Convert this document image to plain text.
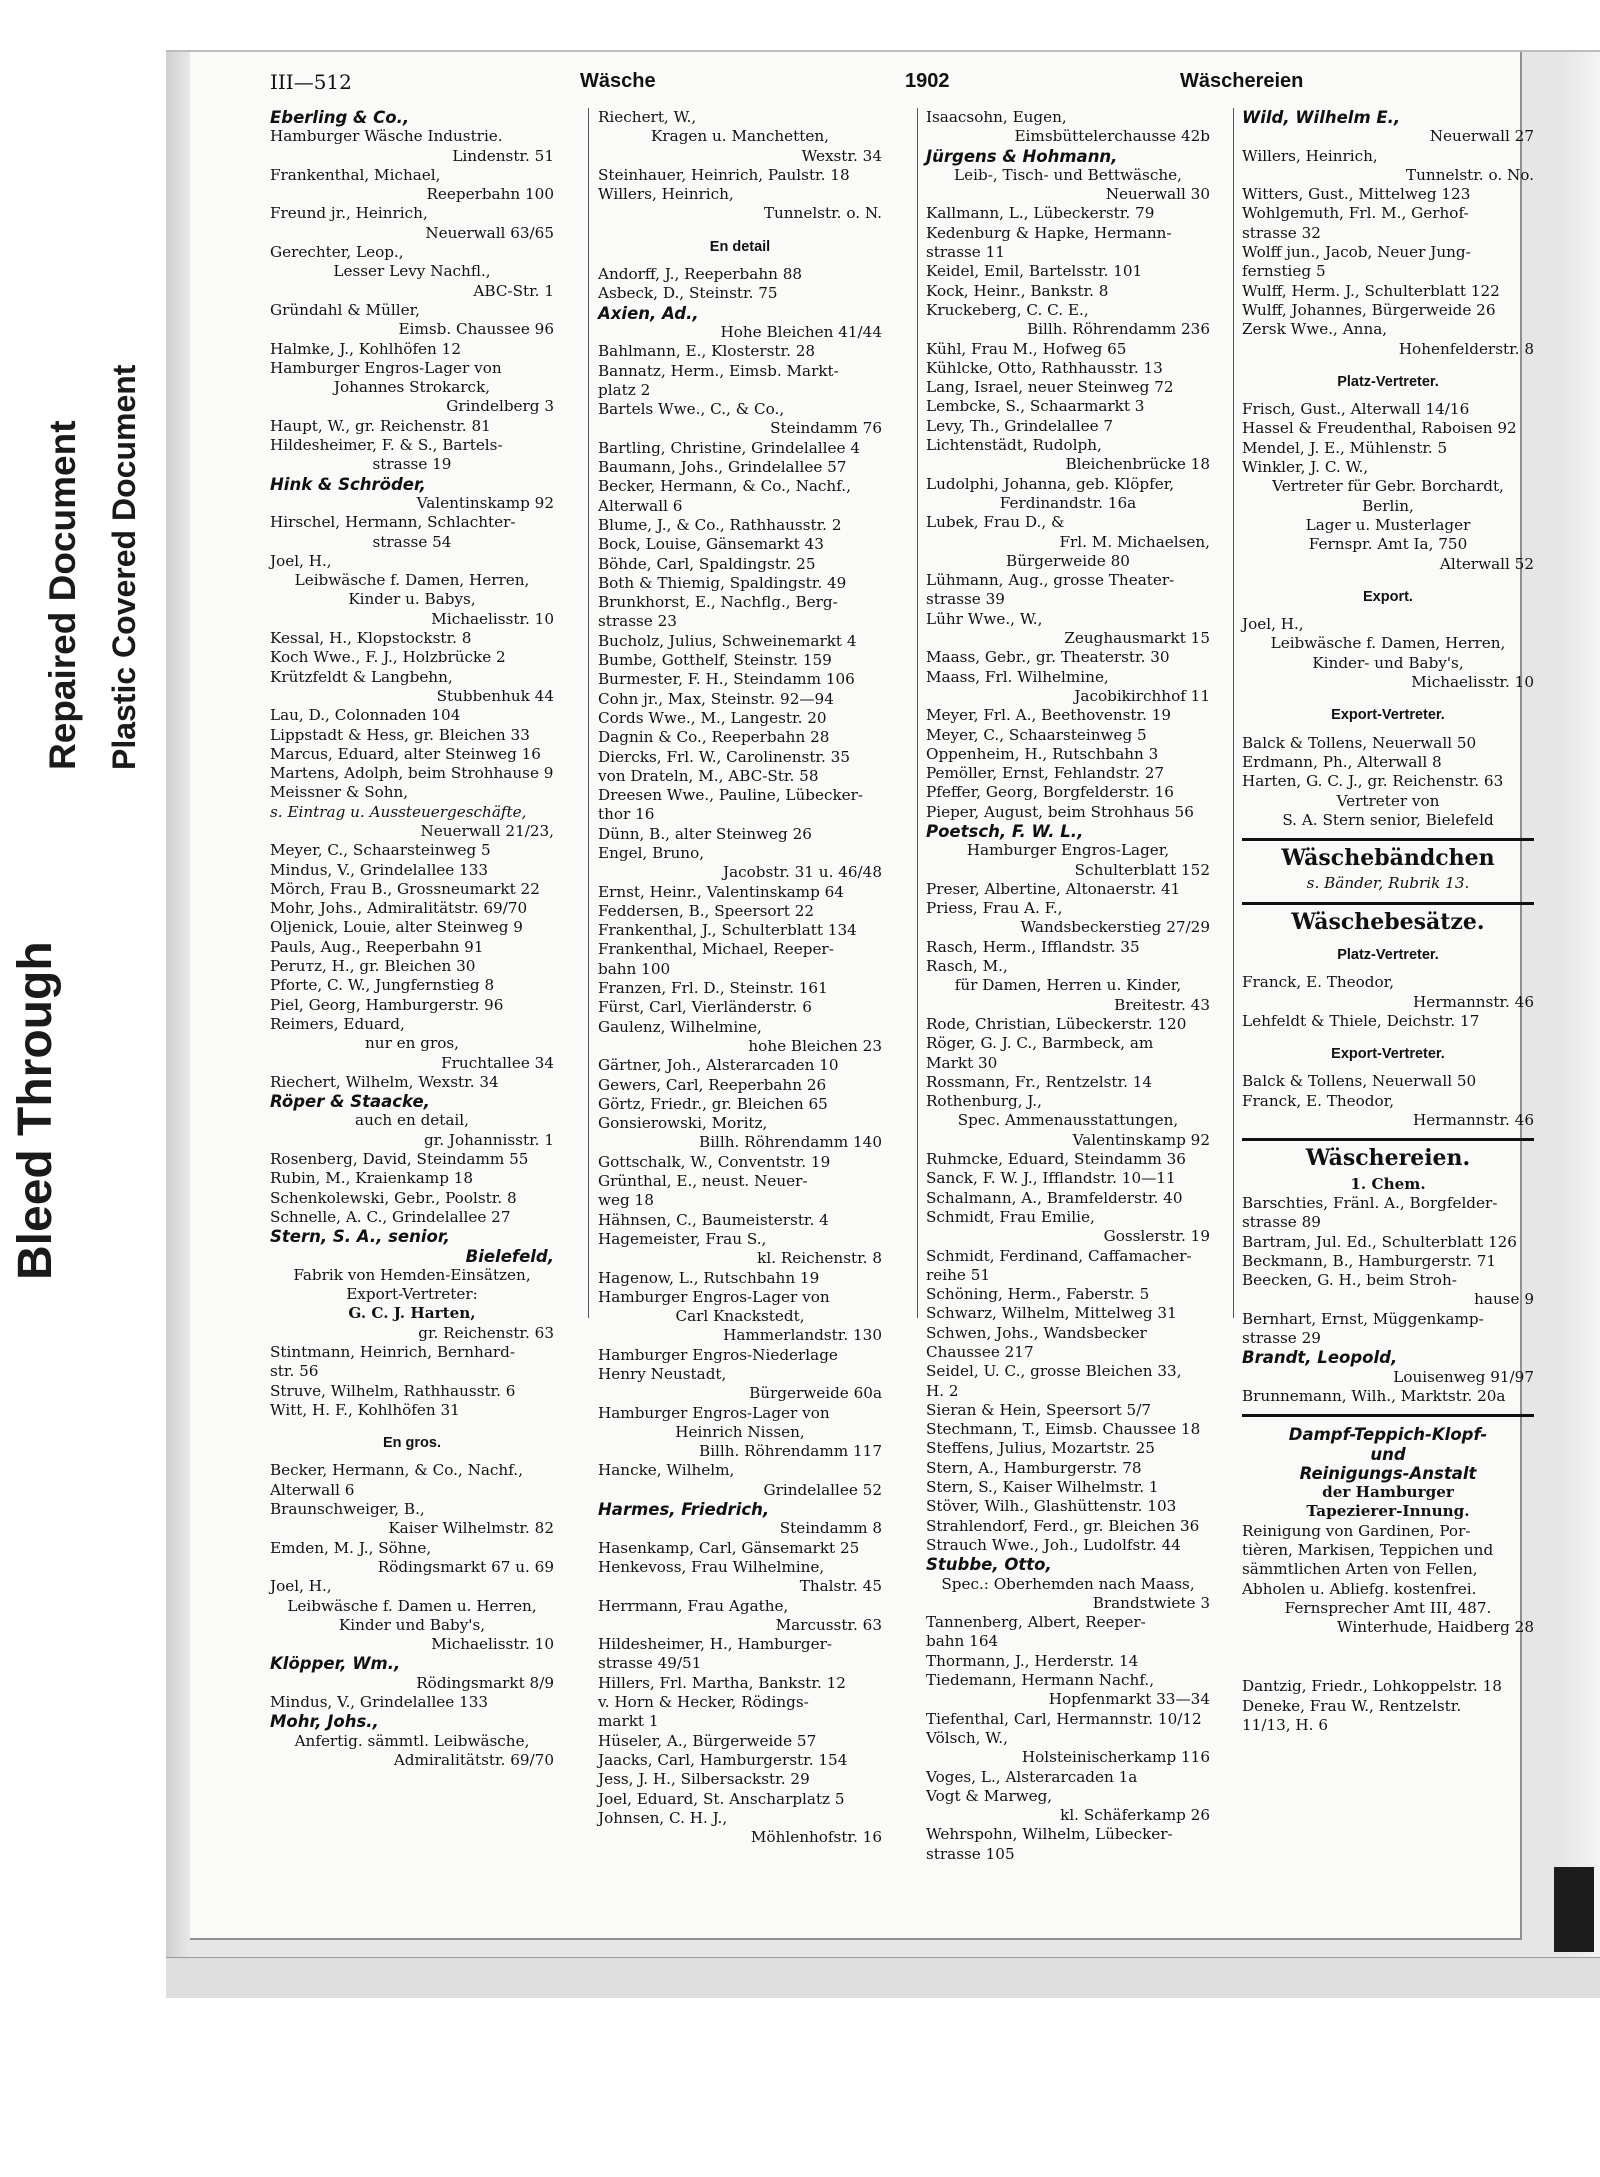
Bleed Through
Repaired Document Plastic Covered Document
III—512	Wäsche	1902	Wäschereien
Eberling & Co.,
Hamburger Wäsche Industrie.
Lindenstr. 51
Frankenthal, Michael,
Reeperbahn 100
Freund jr., Heinrich,
Neuerwall 63/65
Gerechter, Leop.,
Lesser Levy Nachfl.,
ABC-Str. 1
Gründahl & Müller,
Eimsb. Chaussee 96
Halmke, J., Kohlhöfen 12
Hamburger Engros-Lager von
Johannes Strokarck,
Grindelberg 3
Haupt, W., gr. Reichenstr. 81
Hildesheimer, F. & S., Bartels-
strasse 19
Hink & Schröder,
Valentinskamp 92
Hirschel, Hermann, Schlachter-
strasse 54
Joel, H.,
Leibwäsche f. Damen, Herren,
Kinder u. Babys,
Michaelisstr. 10
Kessal, H., Klopstockstr. 8
Koch Wwe., F. J., Holzbrücke 2
Krützfeldt & Langbehn,
Stubbenhuk 44
Lau, D., Colonnaden 104
Lippstadt & Hess, gr. Bleichen 33
Marcus, Eduard, alter Steinweg 16
Martens, Adolph, beim Strohhause 9
Meissner & Sohn,
s. Eintrag u. Aussteuergeschäfte,
Neuerwall 21/23,
Meyer, C., Schaarsteinweg 5
Mindus, V., Grindelallee 133
Mörch, Frau B., Grossneumarkt 22
Mohr, Johs., Admiralitätstr. 69/70
Oljenick, Louie, alter Steinweg 9
Pauls, Aug., Reeperbahn 91
Peruтz, H., gr. Bleichen 30
Pforte, C. W., Jungfernstieg 8
Piel, Georg, Hamburgerstr. 96
Reimers, Eduard,
nur en gros,
Fruchtallee 34
Riechert, Wilhelm, Wexstr. 34
Röper & Staacke,
auch en detail,
gr. Johannisstr. 1
Rosenberg, David, Steindamm 55
Rubin, M., Kraienkamp 18
Schenkolewski, Gebr., Poolstr. 8
Schnelle, A. C., Grindelallee 27
Stern, S. A., senior,
Bielefeld,
Fabrik von Hemden-Einsätzen,
Export-Vertreter:
G. C. J. Harten,
gr. Reichenstr. 63
Stintmann, Heinrich, Bernhard-
str. 56
Struve, Wilhelm, Rathhausstr. 6
Witt, H. F., Kohlhöfen 31
En gros.
Becker, Hermann, & Co., Nachf.,
Alterwall 6
Braunschweiger, B.,
Kaiser Wilhelmstr. 82
Emden, M. J., Söhne,
Rödingsmarkt 67 u. 69
Joel, H.,
Leibwäsche f. Damen u. Herren,
Kinder und Baby's,
Michaelisstr. 10
Klöpper, Wm.,
Rödingsmarkt 8/9
Mindus, V., Grindelallee 133
Mohr, Johs.,
Anfertig. sämmtl. Leibwäsche,
Admiralitätstr. 69/70
Riechert, W.,
Kragen u. Manchetten,
Wexstr. 34
Steinhauer, Heinrich, Paulstr. 18
Willers, Heinrich,
Tunnelstr. o. N.
En detail
Andorff, J., Reeperbahn 88
Asbeck, D., Steinstr. 75
Axien, Ad.,
Hohe Bleichen 41/44
Bahlmann, E., Klosterstr. 28
Bannatz, Herm., Eimsb. Markt-
platz 2
Bartels Wwe., C., & Co.,
Steindamm 76
Bartling, Christine, Grindelallee 4
Baumann, Johs., Grindelallee 57
Becker, Hermann, & Co., Nachf.,
Alterwall 6
Blume, J., & Co., Rathhausstr. 2
Bock, Louise, Gänsemarkt 43
Böhde, Carl, Spaldingstr. 25
Both & Thiemig, Spaldingstr. 49
Brunkhorst, E., Nachflg., Berg-
strasse 23
Bucholz, Julius, Schweinemarkt 4
Bumbe, Gotthelf, Steinstr. 159
Burmester, F. H., Steindamm 106
Cohn jr., Max, Steinstr. 92—94
Cords Wwe., M., Langestr. 20
Dagnin & Co., Reeperbahn 28
Diercks, Frl. W., Carolinenstr. 35
von Drateln, M., ABC-Str. 58
Dreesen Wwe., Pauline, Lübecker-
thor 16
Dünn, B., alter Steinweg 26
Engel, Bruno,
Jacobstr. 31 u. 46/48
Ernst, Heinr., Valentinskamp 64
Feddersen, B., Speersort 22
Frankenthal, J., Schulterblatt 134
Frankenthal, Michael, Reeper-
bahn 100
Franzen, Frl. D., Steinstr. 161
Fürst, Carl, Vierländerstr. 6
Gaulenz, Wilhelmine,
hohe Bleichen 23
Gärtner, Joh., Alsterarcaden 10
Gewers, Carl, Reeperbahn 26
Görtz, Friedr., gr. Bleichen 65
Gonsierowski, Moritz,
Billh. Röhrendamm 140
Gottschalk, W., Conventstr. 19
Grünthal, E., neust. Neuer-
weg 18
Hähnsen, C., Baumeisterstr. 4
Hagemeister, Frau S.,
kl. Reichenstr. 8
Hagenow, L., Rutschbahn 19
Hamburger Engros-Lager von
Carl Knackstedt,
Hammerlandstr. 130
Hamburger Engros-Niederlage
Henry Neustadt,
Bürgerweide 60a
Hamburger Engros-Lager von
Heinrich Nissen,
Billh. Röhrendamm 117
Hancke, Wilhelm,
Grindelallee 52
Harmes, Friedrich,
Steindamm 8
Hasenkamp, Carl, Gänsemarkt 25
Henkevoss, Frau Wilhelmine,
Thalstr. 45
Herrmann, Frau Agathe,
Marcusstr. 63
Hildesheimer, H., Hamburger-
strasse 49/51
Hillers, Frl. Martha, Bankstr. 12
v. Horn & Hecker, Rödings-
markt 1
Hüseler, A., Bürgerweide 57
Jaacks, Carl, Hamburgerstr. 154
Jess, J. H., Silbersackstr. 29
Joel, Eduard, St. Anscharplatz 5
Johnsen, C. H. J.,
Möhlenhofstr. 16
Isaacsohn, Eugen,
Eimsbüttelerchausse 42b
Jürgens & Hohmann,
Leib-, Tisch- und Bettwäsche,
Neuerwall 30
Kallmann, L., Lübeckerstr. 79
Kedenburg & Hapke, Hermann-
strasse 11
Keidel, Emil, Bartelsstr. 101
Kock, Heinr., Bankstr. 8
Kruckeberg, C. C. E.,
Billh. Röhrendamm 236
Kühl, Frau M., Hofweg 65
Kühlcke, Otto, Rathhausstr. 13
Lang, Israel, neuer Steinweg 72
Lembcke, S., Schaarmarkt 3
Levy, Th., Grindelallee 7
Lichtenstädt, Rudolph,
Bleichenbrücke 18
Ludolphi, Johanna, geb. Klöpfer,
Ferdinandstr. 16a
Lubek, Frau D., &
Frl. M. Michaelsen,
Bürgerweide 80
Lühmann, Aug., grosse Theater-
strasse 39
Lühr Wwe., W.,
Zeughausmarkt 15
Maass, Gebr., gr. Theaterstr. 30
Maass, Frl. Wilhelmine,
Jacobikirchhof 11
Meyer, Frl. A., Beethovenstr. 19
Meyer, C., Schaarsteinweg 5
Oppenheim, H., Rutschbahn 3
Pemöller, Ernst, Fehlandstr. 27
Pfeffer, Georg, Borgfelderstr. 16
Pieper, August, beim Strohhaus 56
Poetsch, F. W. L.,
Hamburger Engros-Lager,
Schulterblatt 152
Preser, Albertine, Altonaerstr. 41
Priess, Frau A. F.,
Wandsbeckerstieg 27/29
Rasch, Herm., Ifflandstr. 35
Rasch, M.,
für Damen, Herren u. Kinder,
Breitestr. 43
Rode, Christian, Lübeckerstr. 120
Röger, G. J. C., Barmbeck, am
Markt 30
Rossmann, Fr., Rentzelstr. 14
Rothenburg, J.,
Spec. Ammenausstattungen,
Valentinskamp 92
Ruhmcke, Eduard, Steindamm 36
Sanck, F. W. J., Ifflandstr. 10—11
Schalmann, A., Bramfelderstr. 40
Schmidt, Frau Emilie,
Gosslerstr. 19
Schmidt, Ferdinand, Caffamacher-
reihe 51
Schöning, Herm., Faberstr. 5
Schwarz, Wilhelm, Mittelweg 31
Schwen, Johs., Wandsbecker
Chaussee 217
Seidel, U. C., grosse Bleichen 33,
H. 2
Sieran & Hein, Speersort 5/7
Stechmann, T., Eimsb. Chaussee 18
Steffens, Julius, Mozartstr. 25
Stern, A., Hamburgerstr. 78
Stern, S., Kaiser Wilhelmstr. 1
Stöver, Wilh., Glashüttenstr. 103
Strahlendorf, Ferd., gr. Bleichen 36
Strauch Wwe., Joh., Ludolfstr. 44
Stubbe, Otto,
Spec.: Oberhemden nach Maass,
Brandstwiete 3
Tannenberg, Albert, Reeper-
bahn 164
Thormann, J., Herderstr. 14
Tiedemann, Hermann Nachf.,
Hopfenmarkt 33—34
Tiefenthal, Carl, Hermannstr. 10/12
Völsch, W.,
Holsteinischerkamp 116
Voges, L., Alsterarcaden 1a
Vogt & Marweg,
kl. Schäferkamp 26
Wehrspohn, Wilhelm, Lübecker-
strasse 105
Wild, Wilhelm E.,
Neuerwall 27
Willers, Heinrich,
Tunnelstr. o. No.
Witters, Gust., Mittelweg 123
Wohlgemuth, Frl. M., Gerhof-
strasse 32
Wolff jun., Jacob, Neuer Jung-
fernstieg 5
Wulff, Herm. J., Schulterblatt 122
Wulff, Johannes, Bürgerweide 26
Zersk Wwe., Anna,
Hohenfelderstr. 8
Platz-Vertreter.
Frisch, Gust., Alterwall 14/16
Hassel & Freudenthal, Raboisen 92
Mendel, J. E., Mühlenstr. 5
Winkler, J. C. W.,
Vertreter für Gebr. Borchardt,
Berlin,
Lager u. Musterlager
Fernspr. Amt Ia, 750
Alterwall 52
Export.
Joel, H.,
Leibwäsche f. Damen, Herren,
Kinder- und Baby's,
Michaelisstr. 10
Export-Vertreter.
Balck & Tollens, Neuerwall 50
Erdmann, Ph., Alterwall 8
Harten, G. C. J., gr. Reichenstr. 63
Vertreter von
S. A. Stern senior, Bielefeld
Wäschebändchen
s. Bänder, Rubrik 13.
Wäschebesätze.
Platz-Vertreter.
Franck, E. Theodor,
Hermannstr. 46
Lehfeldt & Thiele, Deichstr. 17
Export-Vertreter.
Balck & Tollens, Neuerwall 50
Franck, E. Theodor,
Hermannstr. 46
Wäschereien.
1. Chem.
Barschties, Fränl. A., Borgfelder-
strasse 89
Bartram, Jul. Ed., Schulterblatt 126
Beckmann, B., Hamburgerstr. 71
Beecken, G. H., beim Stroh-
hause 9
Bernhart, Ernst, Müggenkamp-
strasse 29
Brandt, Leopold,
Louisenweg 91/97
Brunnemann, Wilh., Marktstr. 20a
Dampf-Teppich-Klopf-
und
Reinigungs-Anstalt
der Hamburger
Tapezierer-Innung.
Reinigung von Gardinen, Por-
tièren, Markisen, Teppichen und
sämmtlichen Arten von Fellen,
Abholen u. Abliefg. kostenfrei.
Fernsprecher Amt III, 487.
Winterhude, Haidberg 28
Dantzig, Friedr., Lohkoppelstr. 18
Deneke, Frau W., Rentzelstr.
11/13, H. 6
